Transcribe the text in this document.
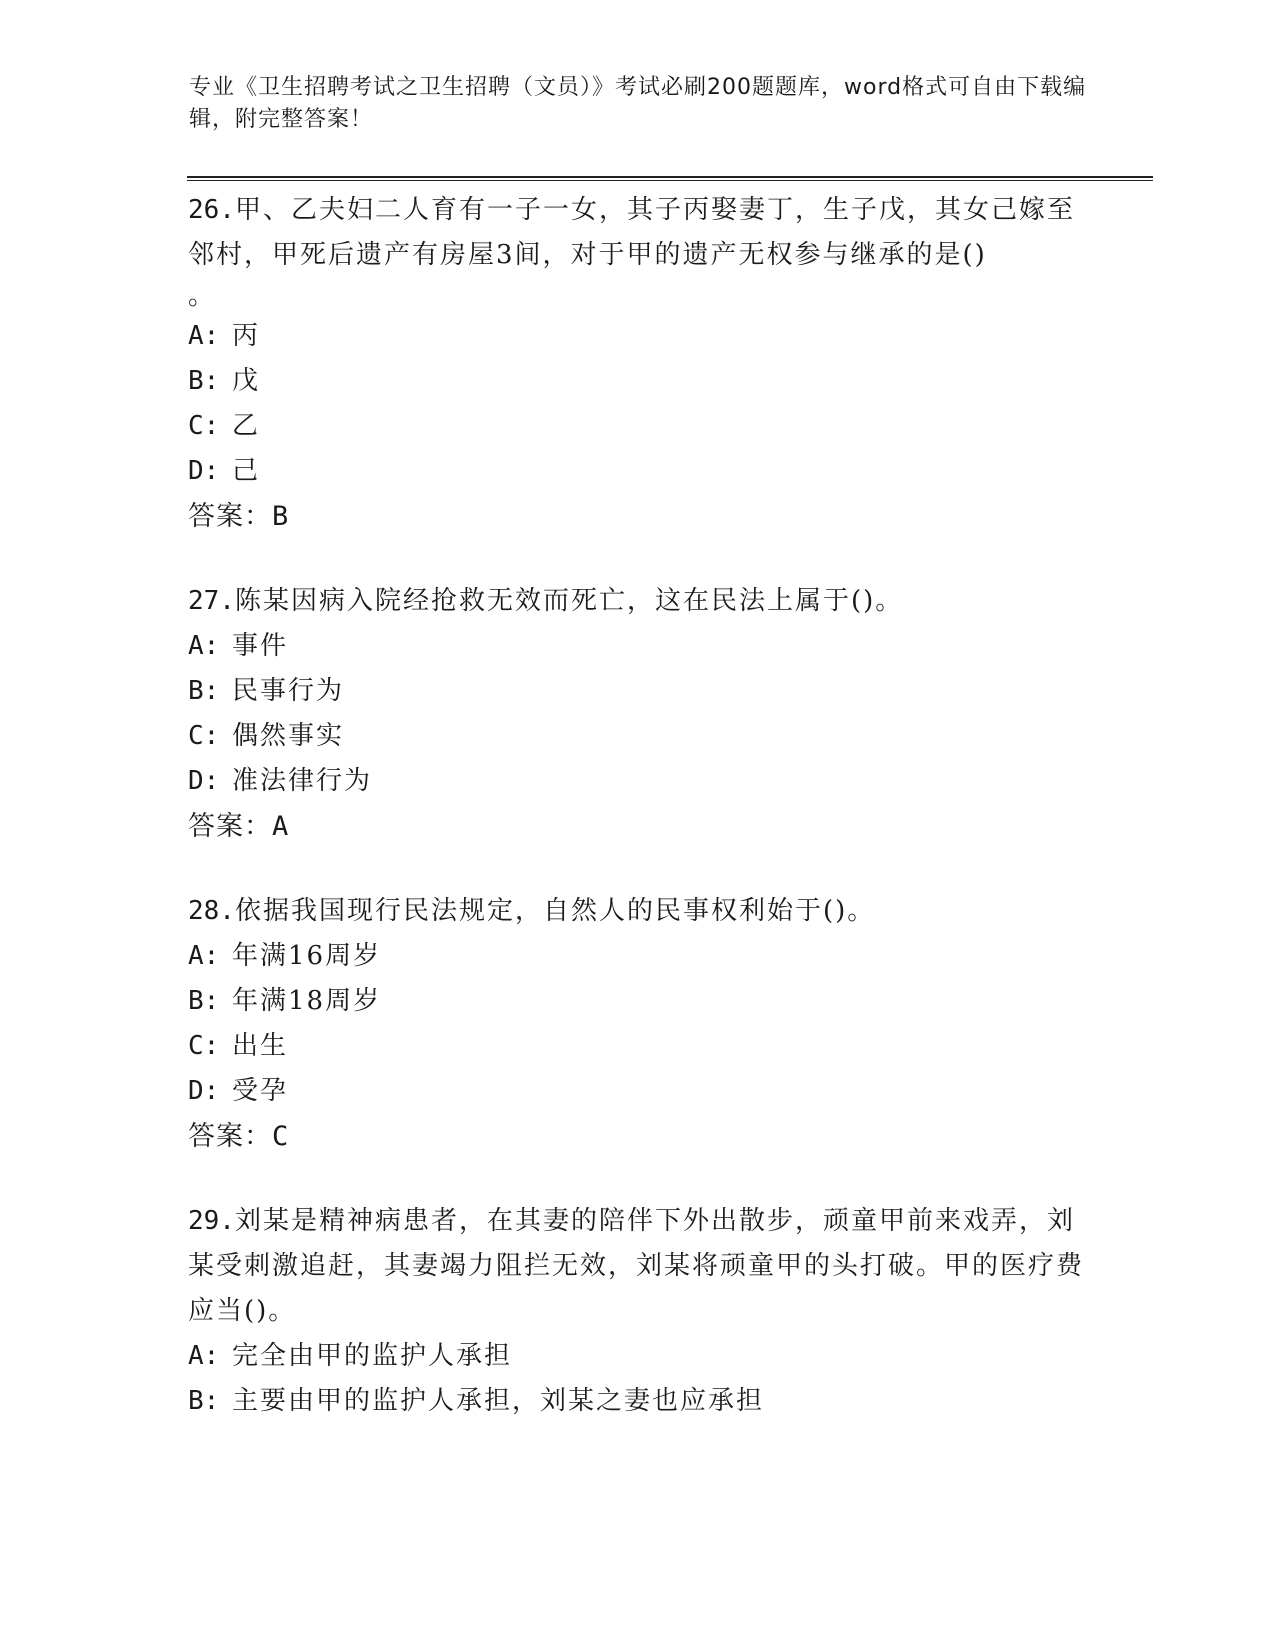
专业《卫生招聘考试之卫生招聘（文员）》考试必刷200题题库，word格式可自由下载编辑，附完整答案！
26.甲、乙夫妇二人育有一子一女，其子丙娶妻丁，生子戊，其女己嫁至邻村，甲死后遗产有房屋3间，对于甲的遗产无权参与继承的是()
。
A: 丙
B: 戊
C: 乙
D: 己
答案：B
27.陈某因病入院经抢救无效而死亡，这在民法上属于()。
A: 事件
B: 民事行为
C: 偶然事实
D: 准法律行为
答案：A
28.依据我国现行民法规定，自然人的民事权利始于()。
A: 年满16周岁
B: 年满18周岁
C: 出生
D: 受孕
答案：C
29.刘某是精神病患者，在其妻的陪伴下外出散步，顽童甲前来戏弄，刘某受刺激追赶，其妻竭力阻拦无效，刘某将顽童甲的头打破。甲的医疗费应当()。
A: 完全由甲的监护人承担
B: 主要由甲的监护人承担，刘某之妻也应承担
